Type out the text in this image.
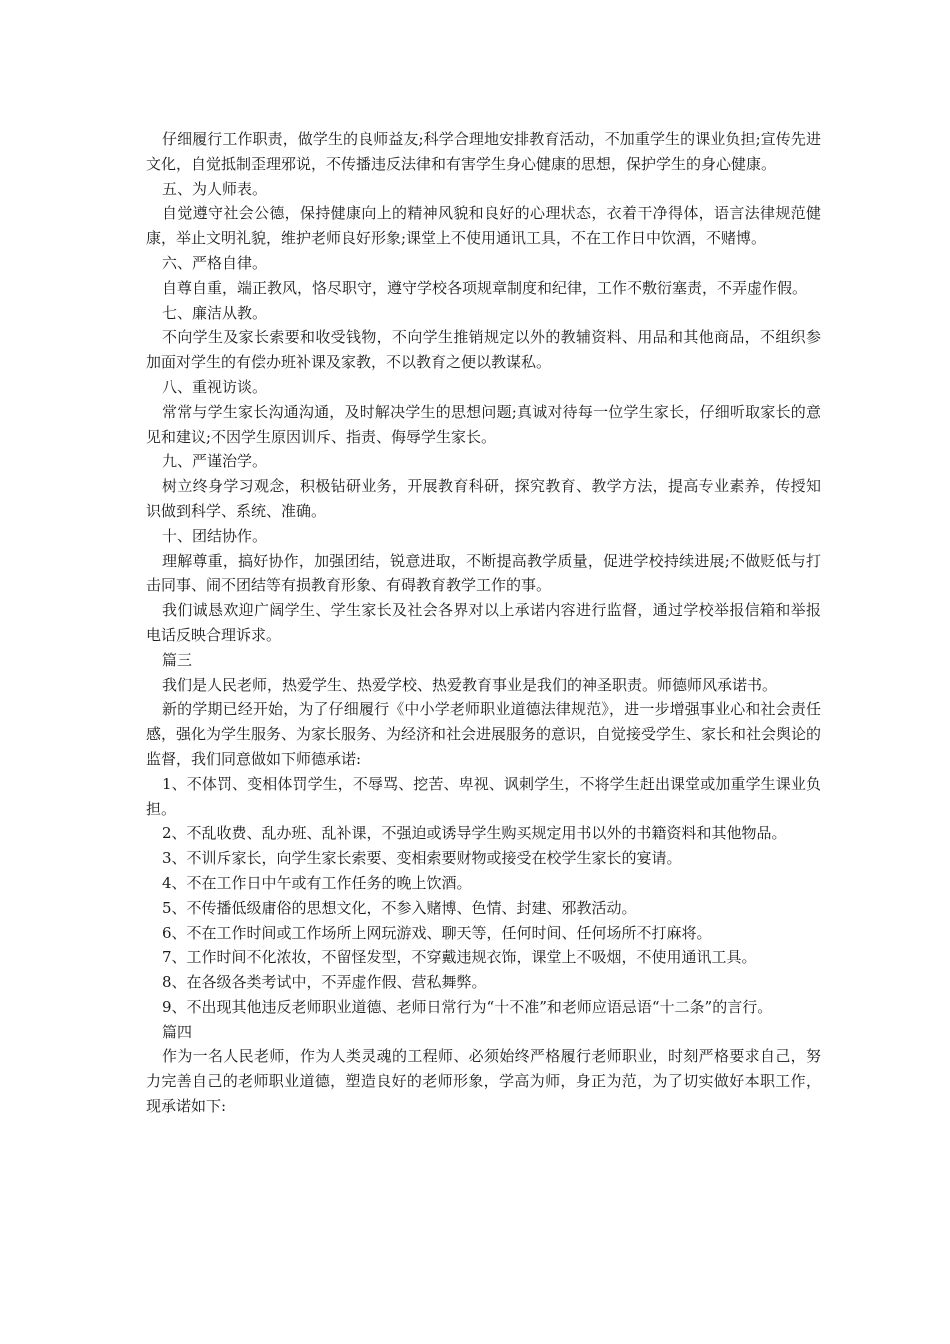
仔细履行工作职责，做学生的良师益友;科学合理地安排教育活动，不加重学生的课业负担;宣传先进文化，自觉抵制歪理邪说，不传播违反法律和有害学生身心健康的思想，保护学生的身心健康。

五、为人师表。

自觉遵守社会公德，保持健康向上的精神风貌和良好的心理状态，衣着干净得体，语言法律规范健康，举止文明礼貌，维护老师良好形象;课堂上不使用通讯工具，不在工作日中饮酒，不赌博。

六、严格自律。

自尊自重，端正教风，恪尽职守，遵守学校各项规章制度和纪律，工作不敷衍塞责，不弄虚作假。

七、廉洁从教。

不向学生及家长索要和收受钱物，不向学生推销规定以外的教辅资料、用品和其他商品，不组织参加面对学生的有偿办班补课及家教，不以教育之便以教谋私。

八、重视访谈。

常常与学生家长沟通沟通，及时解决学生的思想问题;真诚对待每一位学生家长，仔细听取家长的意见和建议;不因学生原因训斥、指责、侮辱学生家长。

九、严谨治学。

树立终身学习观念，积极钻研业务，开展教育科研，探究教育、教学方法，提高专业素养，传授知识做到科学、系统、准确。

十、团结协作。

理解尊重，搞好协作，加强团结，锐意进取，不断提高教学质量，促进学校持续进展;不做贬低与打击同事、闹不团结等有损教育形象、有碍教育教学工作的事。

我们诚恳欢迎广阔学生、学生家长及社会各界对以上承诺内容进行监督，通过学校举报信箱和举报电话反映合理诉求。

篇三

我们是人民老师，热爱学生、热爱学校、热爱教育事业是我们的神圣职责。师德师风承诺书。

新的学期已经开始，为了仔细履行《中小学老师职业道德法律规范》，进一步增强事业心和社会责任感，强化为学生服务、为家长服务、为经济和社会进展服务的意识，自觉接受学生、家长和社会舆论的监督，我们同意做如下师德承诺:

1、不体罚、变相体罚学生，不辱骂、挖苦、卑视、讽刺学生，不将学生赶出课堂或加重学生课业负担。

2、不乱收费、乱办班、乱补课，不强迫或诱导学生购买规定用书以外的书籍资料和其他物品。

3、不训斥家长，向学生家长索要、变相索要财物或接受在校学生家长的宴请。

4、不在工作日中午或有工作任务的晚上饮酒。

5、不传播低级庸俗的思想文化，不参入赌博、色情、封建、邪教活动。

6、不在工作时间或工作场所上网玩游戏、聊天等，任何时间、任何场所不打麻将。

7、工作时间不化浓妆，不留怪发型，不穿戴违规衣饰，课堂上不吸烟，不使用通讯工具。

8、在各级各类考试中，不弄虚作假、营私舞弊。

9、不出现其他违反老师职业道德、老师日常行为“十不准”和老师应语忌语“十二条”的言行。

篇四

作为一名人民老师，作为人类灵魂的工程师、必须始终严格履行老师职业，时刻严格要求自己，努力完善自己的老师职业道德，塑造良好的老师形象，学高为师，身正为范，为了切实做好本职工作， 现承诺如下:
